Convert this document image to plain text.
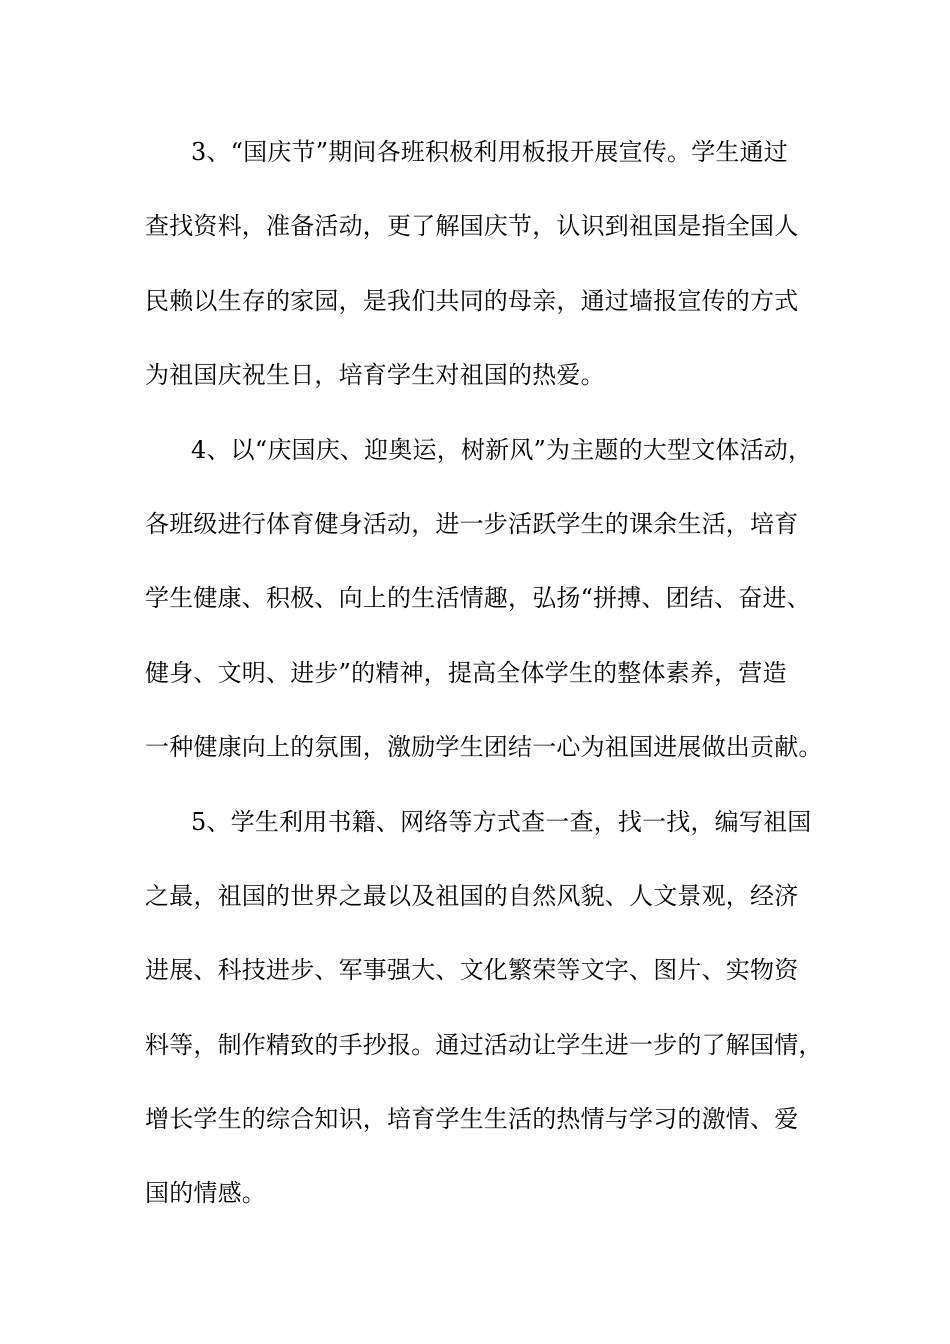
3、“国庆节”期间各班积极利用板报开展宣传。学生通过
查找资料，准备活动，更了解国庆节，认识到祖国是指全国人
民赖以生存的家园，是我们共同的母亲，通过墙报宣传的方式
为祖国庆祝生日，培育学生对祖国的热爱。
4、以“庆国庆、迎奥运，树新风”为主题的大型文体活动，
各班级进行体育健身活动，进一步活跃学生的课余生活，培育
学生健康、积极、向上的生活情趣，弘扬“拼搏、团结、奋进、
健身、文明、进步”的精神，提高全体学生的整体素养，营造
一种健康向上的氛围，激励学生团结一心为祖国进展做出贡献。
5、学生利用书籍、网络等方式查一查，找一找，编写祖国
之最，祖国的世界之最以及祖国的自然风貌、人文景观，经济
进展、科技进步、军事强大、文化繁荣等文字、图片、实物资
料等，制作精致的手抄报。通过活动让学生进一步的了解国情，
增长学生的综合知识，培育学生生活的热情与学习的激情、爱
国的情感。
